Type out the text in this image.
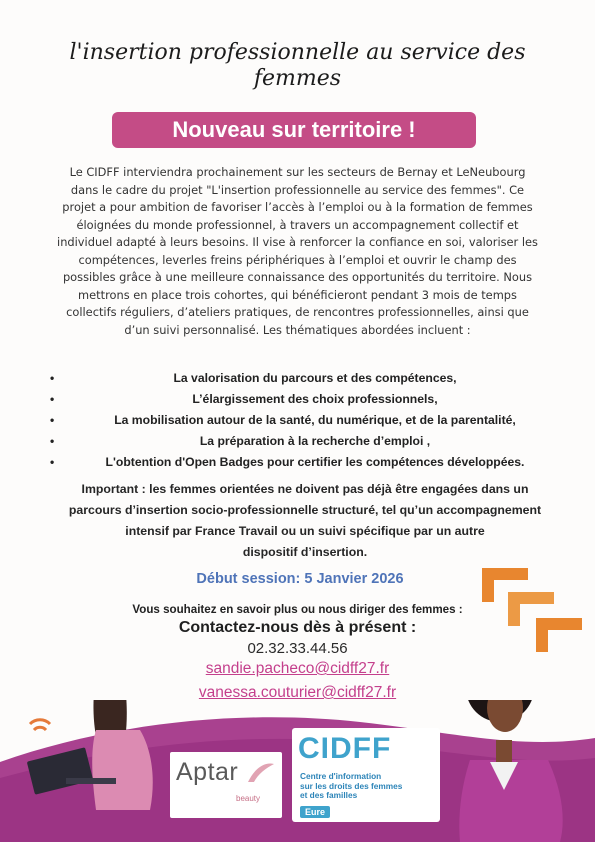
l'insertion professionnelle au service des
femmes
Nouveau sur territoire !
Le CIDFF interviendra prochainement sur les secteurs de Bernay et LeNeubourg
dans le cadre du projet "L'insertion professionnelle au service des femmes". Ce
projet a pour ambition de favoriser l’accès à l’emploi ou à la formation de femmes
éloignées du monde professionnel, à travers un accompagnement collectif et
individuel adapté à leurs besoins. Il vise à renforcer la confiance en soi, valoriser les
compétences, leverles freins périphériques à l’emploi et ouvrir le champ des
possibles grâce à une meilleure connaissance des opportunités du territoire. Nous
mettrons en place trois cohortes, qui bénéficieront pendant 3 mois de temps
collectifs réguliers, d’ateliers pratiques, de rencontres professionnelles, ainsi que
d’un suivi personnalisé. Les thématiques abordées incluent :
•	La valorisation du parcours et des compétences,
•	L’élargissement des choix professionnels,
•	La mobilisation autour de la santé, du numérique, et de la parentalité,
•	La préparation à la recherche d’emploi ,
•	L'obtention d'Open Badges pour certifier les compétences développées.
Important : les femmes orientées ne doivent pas déjà être engagées dans un
parcours d’insertion socio-professionnelle structuré, tel qu’un accompagnement
intensif par France Travail ou un suivi spécifique par un autre
dispositif d’insertion.
Début session: 5 Janvier 2026
Vous souhaitez en savoir plus ou nous diriger des femmes :
Contactez-nous dès à présent :
02.32.33.44.56
sandie.pacheco@cidff27.fr
vanessa.couturier@cidff27.fr
Aptar
beauty
CIDFF
Centre d'information
sur les droits des femmes
et des familles
Eure
